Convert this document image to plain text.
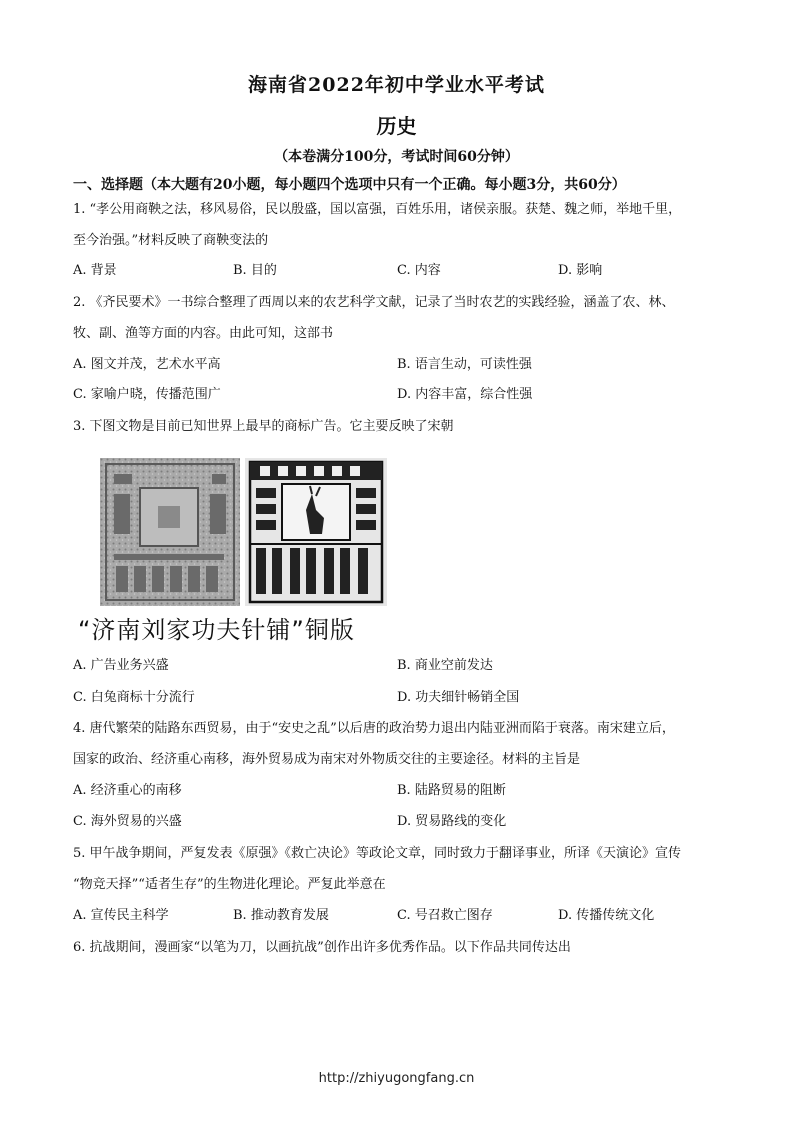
海南省2022年初中学业水平考试
历史
（本卷满分100分，考试时间60分钟）
一、选择题（本大题有20小题，每小题四个选项中只有一个正确。每小题3分，共60分）
1. “孝公用商鞅之法，移风易俗，民以殷盛，国以富强，百姓乐用，诸侯亲服。获楚、魏之师，举地千里，
至今治强。”材料反映了商鞅变法的
A. 背景	B. 目的	C. 内容	D. 影响
2. 《齐民要术》一书综合整理了西周以来的农艺科学文献，记录了当时农艺的实践经验，涵盖了农、林、
牧、副、渔等方面的内容。由此可知，这部书
A. 图文并茂，艺术水平高	B. 语言生动，可读性强
C. 家喻户晓，传播范围广	D. 内容丰富，综合性强
3. 下图文物是目前已知世界上最早的商标广告。它主要反映了宋朝
“济南刘家功夫针铺”铜版
A. 广告业务兴盛	B. 商业空前发达
C. 白兔商标十分流行	D. 功夫细针畅销全国
4. 唐代繁荣的陆路东西贸易，由于“安史之乱”以后唐的政治势力退出内陆亚洲而陷于衰落。南宋建立后，
国家的政治、经济重心南移，海外贸易成为南宋对外物质交往的主要途径。材料的主旨是
A. 经济重心的南移	B. 陆路贸易的阻断
C. 海外贸易的兴盛	D. 贸易路线的变化
5. 甲午战争期间，严复发表《原强》《救亡决论》等政论文章，同时致力于翻译事业，所译《天演论》宣传
“物竞天择”“适者生存”的生物进化理论。严复此举意在
A. 宣传民主科学	B. 推动教育发展	C. 号召救亡图存	D. 传播传统文化
6. 抗战期间，漫画家“以笔为刀，以画抗战”创作出许多优秀作品。以下作品共同传达出
http://zhiyugongfang.cn
